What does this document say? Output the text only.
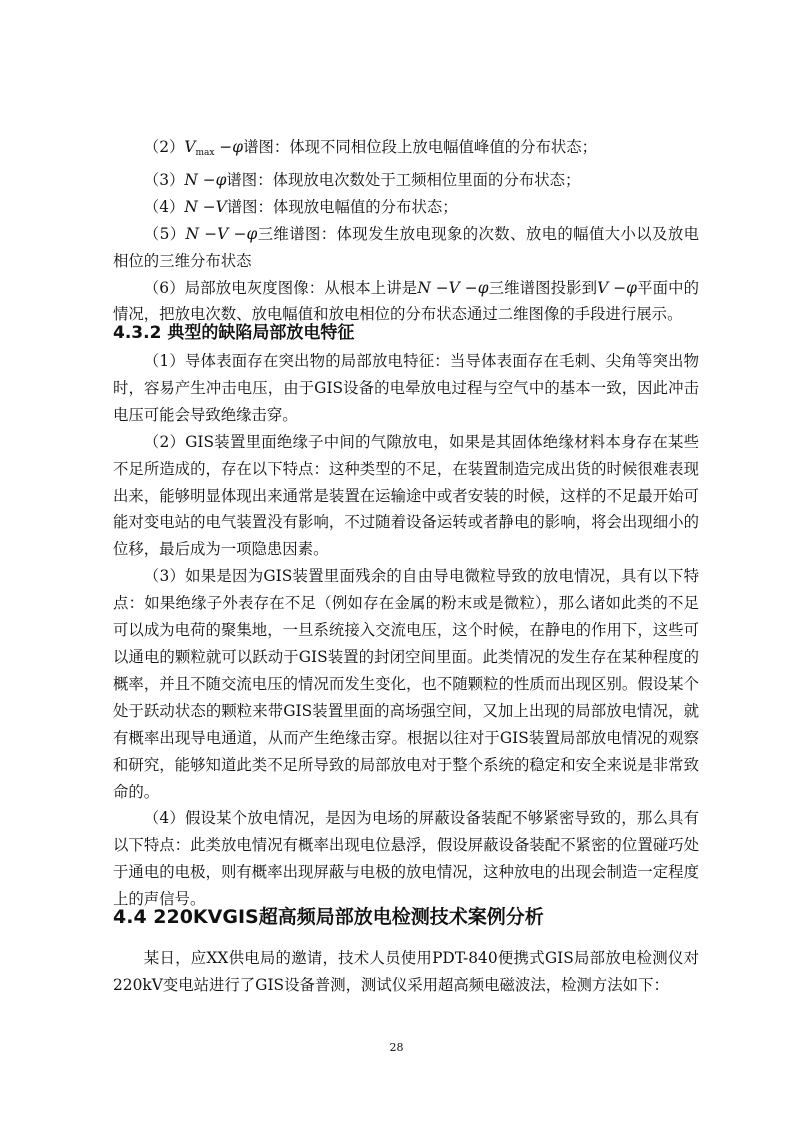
$(2)V_{max} -\varphi$谱图：体现不同相位段上放电幅值峰值的分布状态；

（3）N −φ谱图：体现放电次数处于工频相位里面的分布状态；

（4）N −V谱图：体现放电幅值的分布状态；

（5）N −V −φ三维谱图：体现发生放电现象的次数、放电的幅值大小以及放电相位的三维分布状态

（6）局部放电灰度图像：从根本上讲是N −V −φ三维谱图投影到V −φ平面中的情况，把放电次数、放电幅值和放电相位的分布状态通过二维图像的手段进行展示。

4.3.2 典型的缺陷局部放电特征

（1）导体表面存在突出物的局部放电特征：当导体表面存在毛刺、尖角等突出物时，容易产生冲击电压，由于GIS设备的电晕放电过程与空气中的基本一致，因此冲击电压可能会导致绝缘击穿。

（2）GIS装置里面绝缘子中间的气隙放电，如果是其固体绝缘材料本身存在某些不足所造成的，存在以下特点：这种类型的不足，在装置制造完成出货的时候很难表现出来，能够明显体现出来通常是装置在运输途中或者安装的时候，这样的不足最开始可能对变电站的电气装置没有影响，不过随着设备运转或者静电的影响，将会出现细小的位移，最后成为一项隐患因素。

（3）如果是因为GIS装置里面残余的自由导电微粒导致的放电情况，具有以下特点：如果绝缘子外表存在不足（例如存在金属的粉末或是微粒），那么诸如此类的不足可以成为电荷的聚集地，一旦系统接入交流电压，这个时候，在静电的作用下，这些可以通电的颗粒就可以跃动于GIS装置的封闭空间里面。此类情况的发生存在某种程度的概率，并且不随交流电压的情况而发生变化，也不随颗粒的性质而出现区别。假设某个处于跃动状态的颗粒来带GIS装置里面的高场强空间，又加上出现的局部放电情况，就有概率出现导电通道，从而产生绝缘击穿。根据以往对于GIS装置局部放电情况的观察和研究，能够知道此类不足所导致的局部放电对于整个系统的稳定和安全来说是非常致命的。

（4）假设某个放电情况，是因为电场的屏蔽设备装配不够紧密导致的，那么具有以下特点：此类放电情况有概率出现电位悬浮，假设屏蔽设备装配不紧密的位置碰巧处于通电的电极，则有概率出现屏蔽与电极的放电情况，这种放电的出现会制造一定程度上的声信号。

4.4 220KVGIS超高频局部放电检测技术案例分析

某日，应XX供电局的邀请，技术人员使用PDT-840便携式GIS局部放电检测仪对220kV变电站进行了GIS设备普测，测试仪采用超高频电磁波法，检测方法如下：

28
